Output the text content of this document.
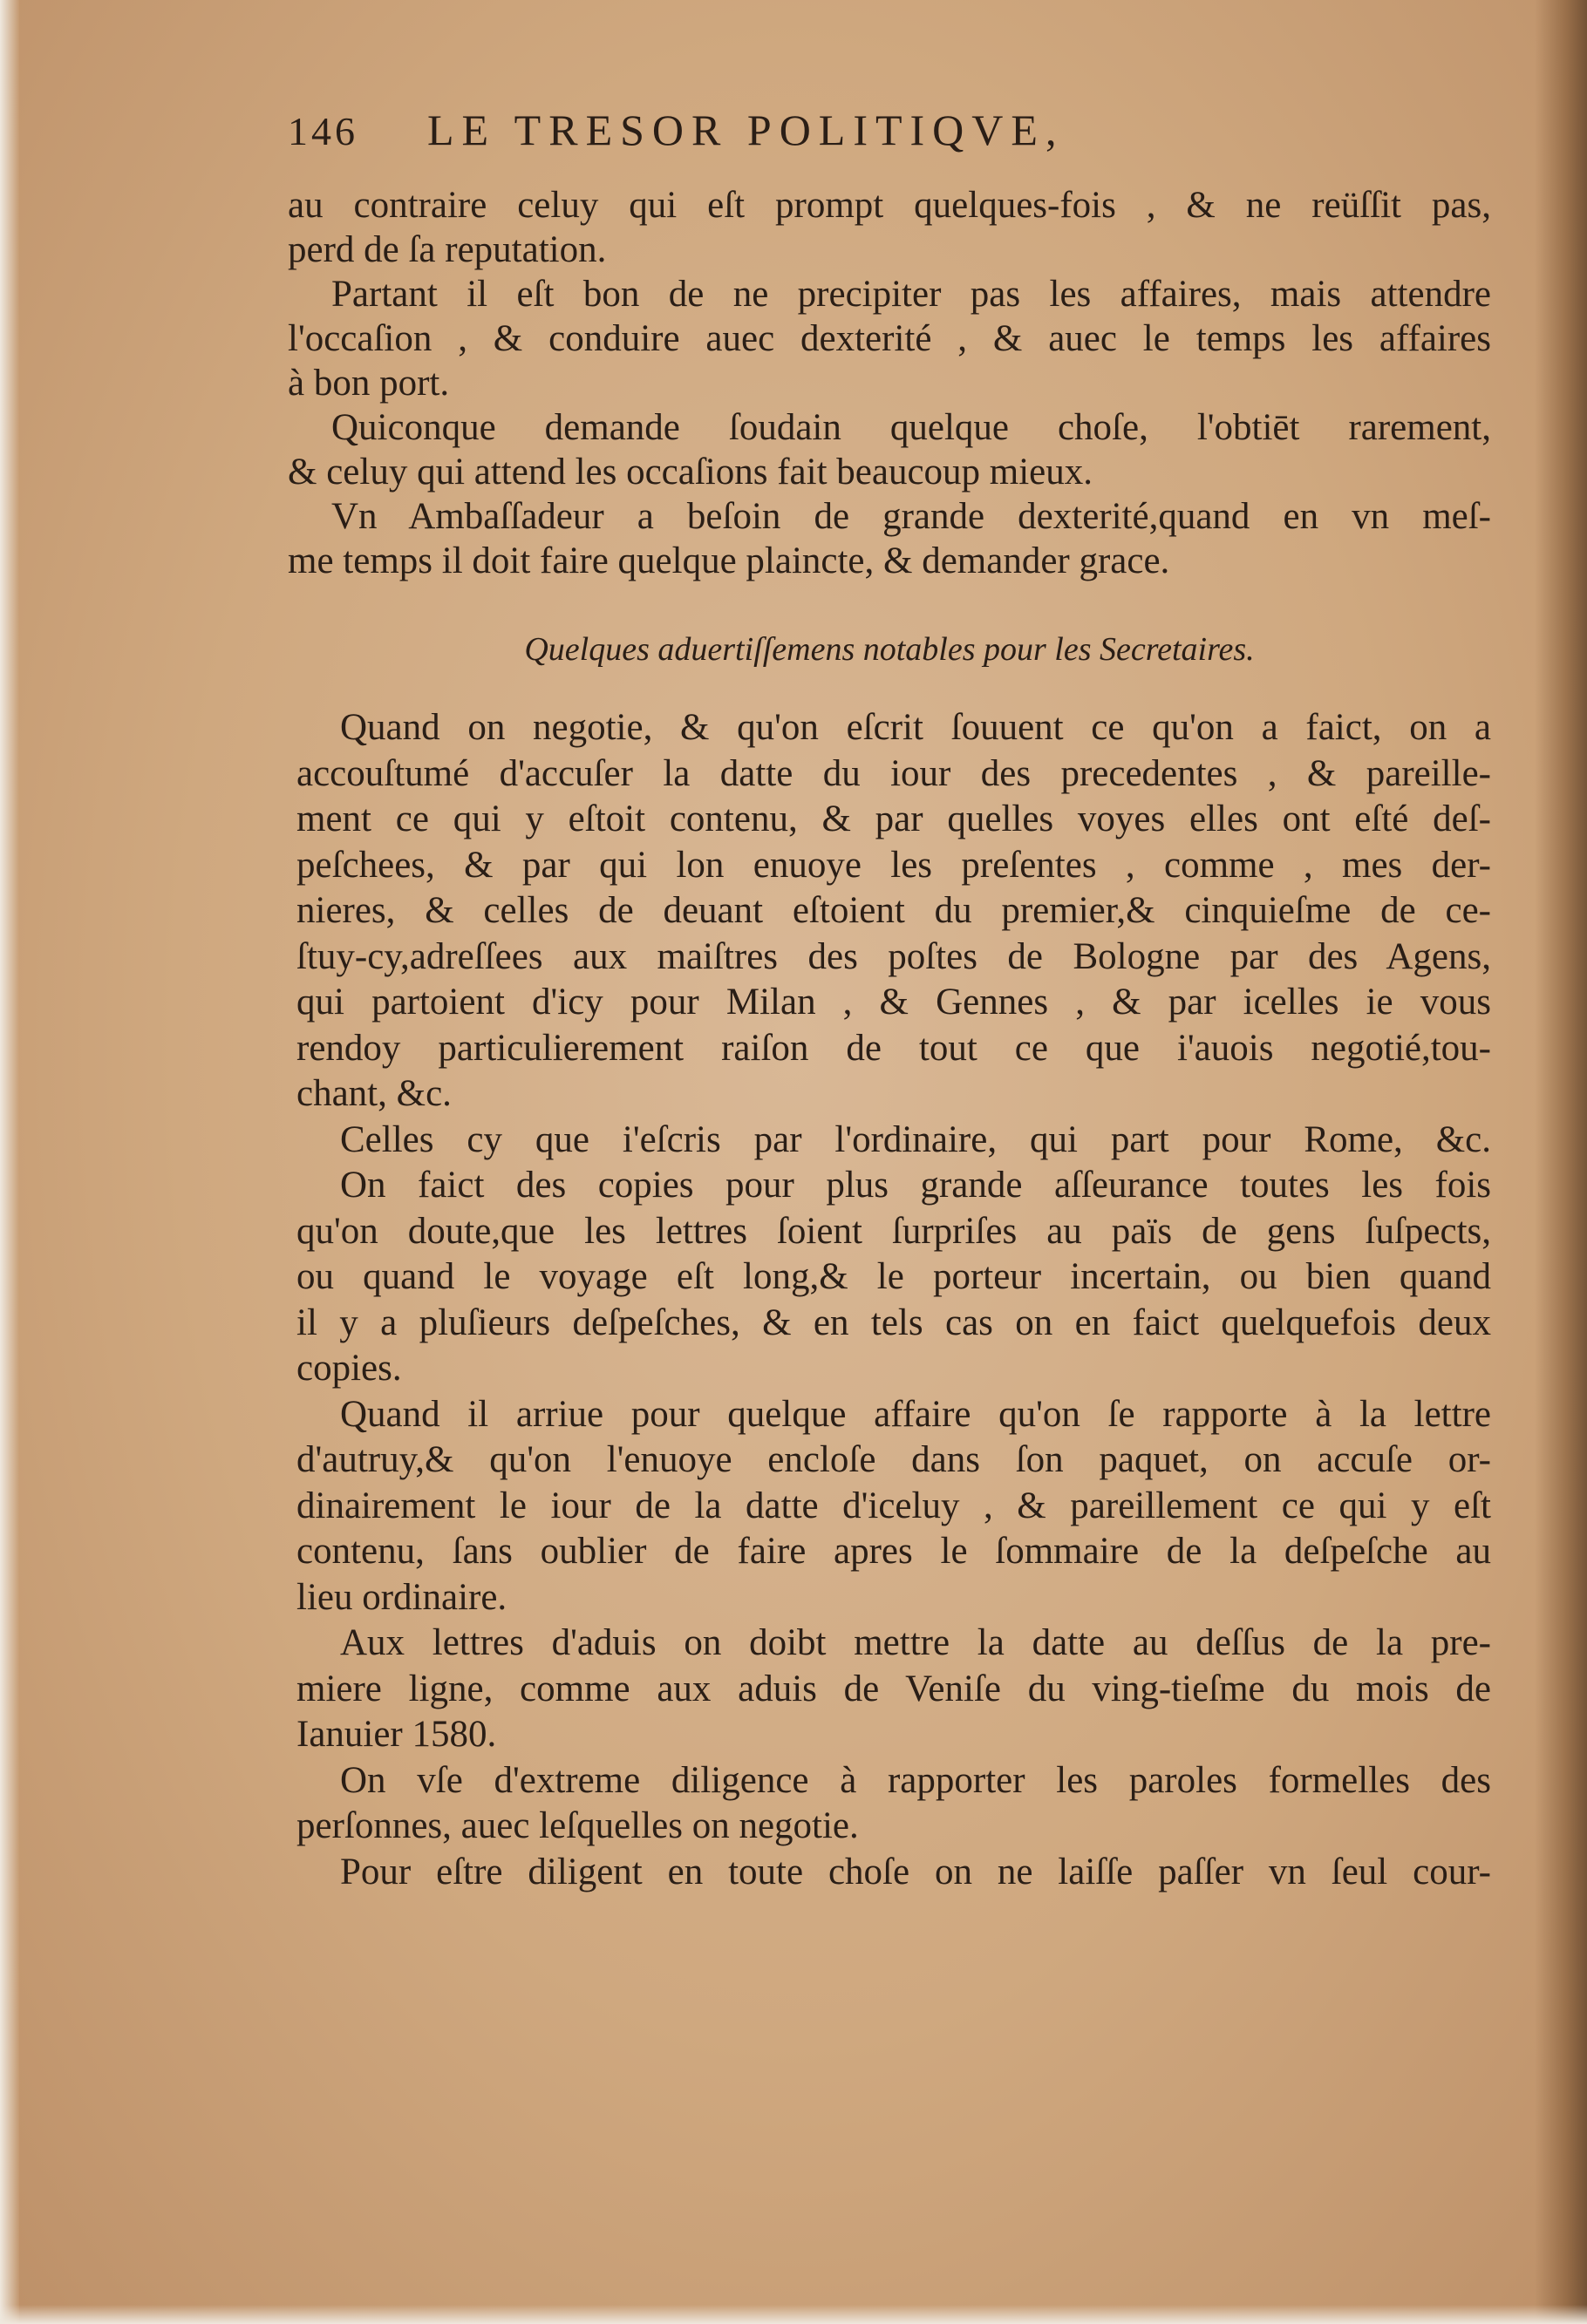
146	LE TRESOR POLITIQVE,
au contraire celuy qui eſt prompt quelques-fois , & ne reüſſit pas,
perd de ſa reputation.
Partant il eſt bon de ne precipiter pas les affaires, mais attendre
l'occaſion , & conduire auec dexterité , & auec le temps les affaires
à bon port.
Quiconque demande ſoudain quelque choſe, l'obtiēt rarement,
& celuy qui attend les occaſions fait beaucoup mieux.
Vn Ambaſſadeur a beſoin de grande dexterité,quand en vn meſ-
me temps il doit faire quelque plaincte, & demander grace.
Quelques aduertiſſemens notables pour les Secretaires.
Quand on negotie, & qu'on eſcrit ſouuent ce qu'on a faict, on a
accouſtumé d'accuſer la datte du iour des precedentes , & pareille-
ment ce qui y eſtoit contenu, & par quelles voyes elles ont eſté deſ-
peſchees, & par qui lon enuoye les preſentes , comme , mes der-
nieres, & celles de deuant eſtoient du premier,& cinquieſme de ce-
ſtuy-cy,adreſſees aux maiſtres des poſtes de Bologne par des Agens,
qui partoient d'icy pour Milan , & Gennes , & par icelles ie vous
rendoy particulierement raiſon de tout ce que i'auois negotié,tou-
chant, &c.
Celles cy que i'eſcris par l'ordinaire, qui part pour Rome, &c.
On faict des copies pour plus grande aſſeurance toutes les fois
qu'on doute,que les lettres ſoient ſurpriſes au païs de gens ſuſpects,
ou quand le voyage eſt long,& le porteur incertain, ou bien quand
il y a pluſieurs deſpeſches, & en tels cas on en faict quelquefois deux
copies.
Quand il arriue pour quelque affaire qu'on ſe rapporte à la lettre
d'autruy,& qu'on l'enuoye encloſe dans ſon paquet, on accuſe or-
dinairement le iour de la datte d'iceluy , & pareillement ce qui y eſt
contenu, ſans oublier de faire apres le ſommaire de la deſpeſche au
lieu ordinaire.
Aux lettres d'aduis on doibt mettre la datte au deſſus de la pre-
miere ligne, comme aux aduis de Veniſe du ving-tieſme du mois de
Ianuier 1580.
On vſe d'extreme diligence à rapporter les paroles formelles des
perſonnes, auec leſquelles on negotie.
Pour eſtre diligent en toute choſe on ne laiſſe paſſer vn ſeul cour-
